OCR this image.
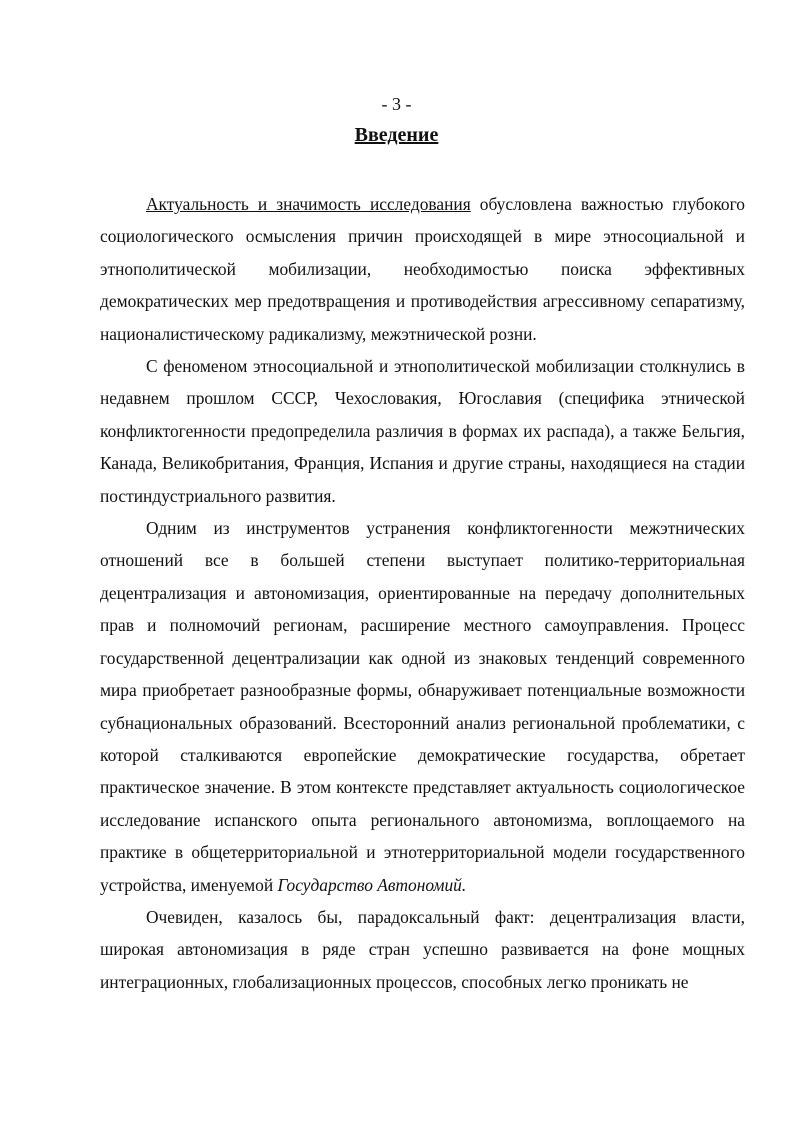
- 3 -
Введение

Актуальность и значимость исследования обусловлена важностью глубокого социологического осмысления причин происходящей в мире этносоциальной и этнополитической мобилизации, необходимостью поиска эффективных демократических мер предотвращения и противодействия агрессивному сепаратизму, националистическому радикализму, межэтнической розни.

С феноменом этносоциальной и этнополитической мобилизации столкнулись в недавнем прошлом СССР, Чехословакия, Югославия (специфика этнической конфликтогенности предопределила различия в формах их распада), а также Бельгия, Канада, Великобритания, Франция, Испания и другие страны, находящиеся на стадии постиндустриального развития.

Одним из инструментов устранения конфликтогенности межэтнических отношений все в большей степени выступает политико-территориальная децентрализация и автономизация, ориентированные на передачу дополнительных прав и полномочий регионам, расширение местного самоуправления. Процесс государственной децентрализации как одной из знаковых тенденций современного мира приобретает разнообразные формы, обнаруживает потенциальные возможности субнациональных образований. Всесторонний анализ региональной проблематики, с которой сталкиваются европейские демократические государства, обретает практическое значение. В этом контексте представляет актуальность социологическое исследование испанского опыта регионального автономизма, воплощаемого на практике в общетерриториальной и этнотерриториальной модели государственного устройства, именуемой Государство Автономий.

Очевиден, казалось бы, парадоксальный факт: децентрализация власти, широкая автономизация в ряде стран успешно развивается на фоне мощных интеграционных, глобализационных процессов, способных легко проникать не
